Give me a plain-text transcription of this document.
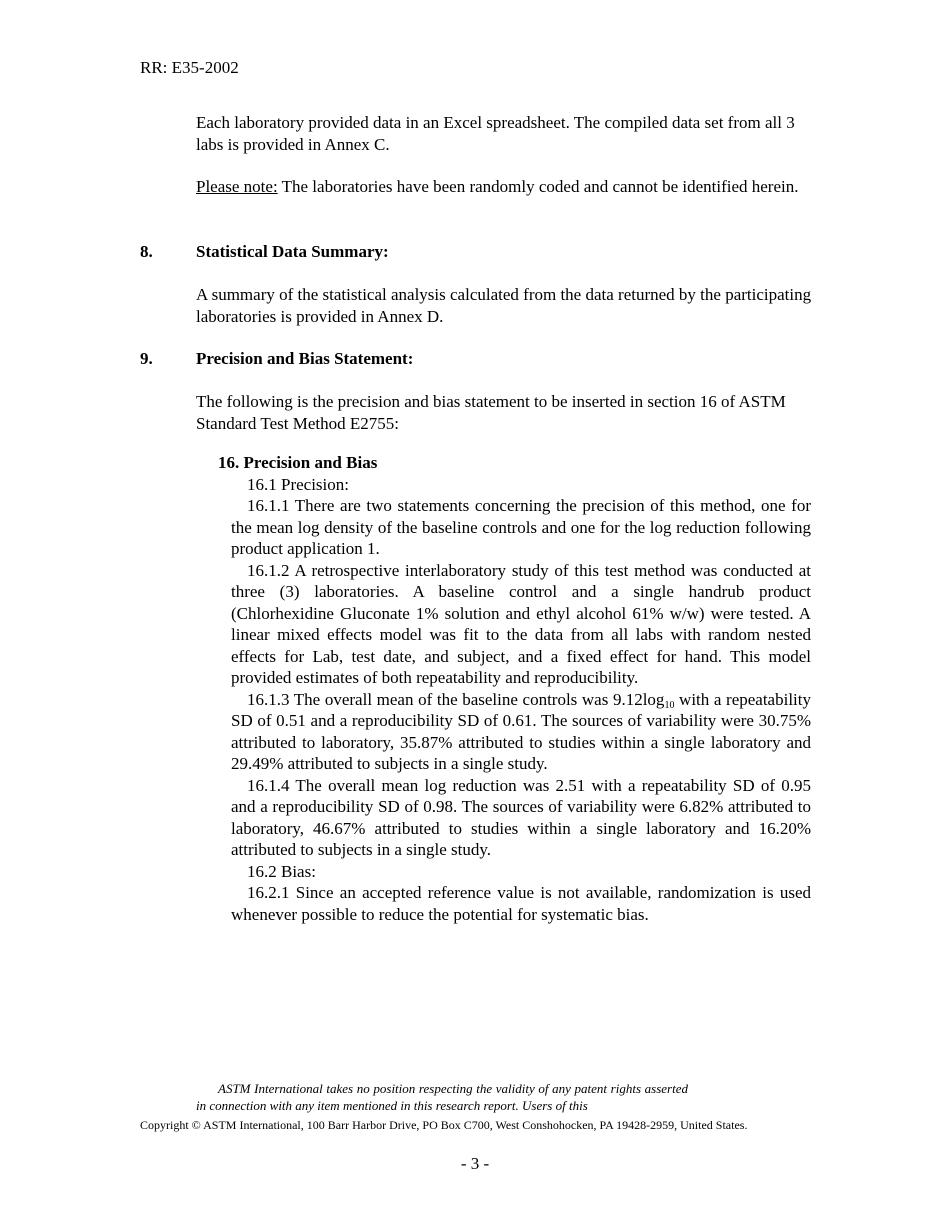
RR: E35-2002
Each laboratory provided data in an Excel spreadsheet. The compiled data set from all 3 labs is provided in Annex C.
Please note: The laboratories have been randomly coded and cannot be identified herein.
8.	Statistical Data Summary:
A summary of the statistical analysis calculated from the data returned by the participating laboratories is provided in Annex D.
9.	Precision and Bias Statement:
The following is the precision and bias statement to be inserted in section 16 of ASTM Standard Test Method E2755:
16. Precision and Bias

16.1 Precision:

16.1.1 There are two statements concerning the precision of this method, one for the mean log density of the baseline controls and one for the log reduction following product application 1.

16.1.2 A retrospective interlaboratory study of this test method was conducted at three (3) laboratories. A baseline control and a single handrub product (Chlorhexidine Gluconate 1% solution and ethyl alcohol 61% w/w) were tested. A linear mixed effects model was fit to the data from all labs with random nested effects for Lab, test date, and subject, and a fixed effect for hand. This model provided estimates of both repeatability and reproducibility.

16.1.3 The overall mean of the baseline controls was $9.12\log_{10}$ with a repeatability SD of 0.51 and a reproducibility SD of 0.61. The sources of variability were 30.75% attributed to laboratory, 35.87% attributed to studies within a single laboratory and 29.49% attributed to subjects in a single study.

16.1.4 The overall mean log reduction was 2.51 with a repeatability SD of 0.95 and a reproducibility SD of 0.98. The sources of variability were 6.82% attributed to laboratory, 46.67% attributed to studies within a single laboratory and 16.20% attributed to subjects in a single study.

16.2 Bias:

16.2.1 Since an accepted reference value is not available, randomization is used whenever possible to reduce the potential for systematic bias.

ASTM International takes no position respecting the validity of any patent rights asserted in connection with any item mentioned in this research report. Users of this
Copyright © ASTM International, 100 Barr Harbor Drive, PO Box C700, West Conshohocken, PA 19428-2959, United States.
- 3 -
